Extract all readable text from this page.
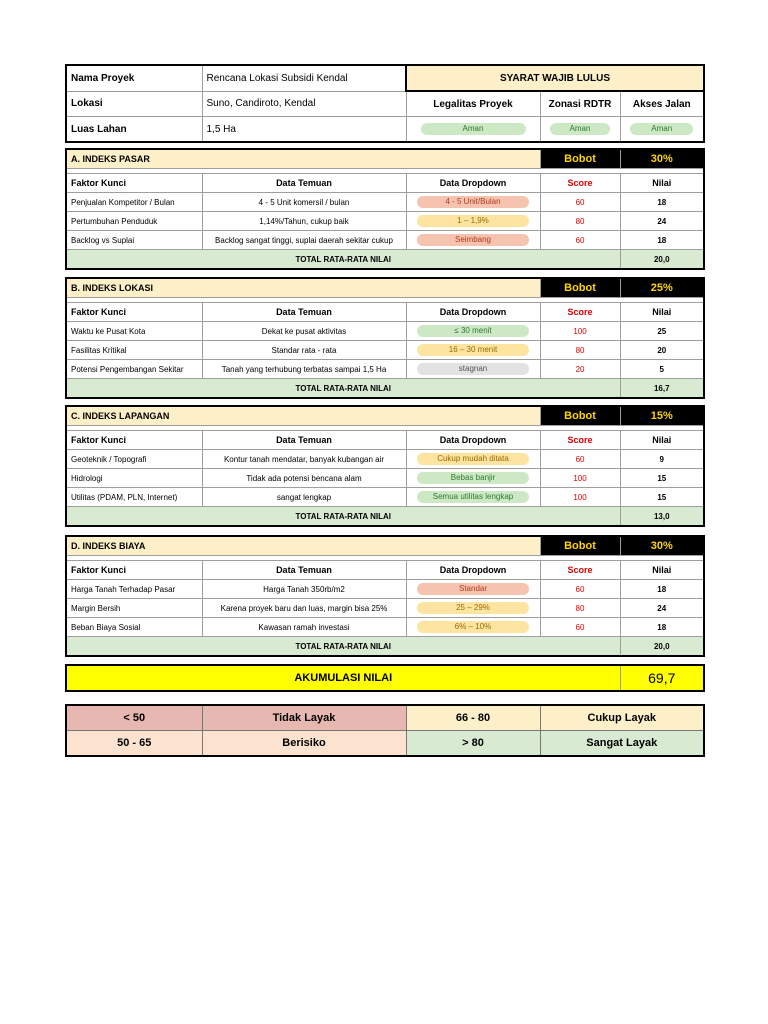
Nama Proyek	Rencana Lokasi Subsidi Kendal	SYARAT WAJIB LULUS		
Lokasi	Suno, Candiroto, Kendal	Legalitas Proyek	Zonasi RDTR	Akses Jalan
Luas Lahan	1,5 Ha	Aman	Aman	Aman
A. INDEKS PASAR			Bobot	30%

Faktor Kunci	Data Temuan	Data Dropdown	Score	Nilai
Penjualan Kompetitor / Bulan	4 - 5 Unit komersil / bulan	4 - 5 Unit/Bulan	60	18
Pertumbuhan Penduduk	1,14%/Tahun, cukup baik	1 – 1,9%	80	24
Backlog vs Suplai	Backlog sangat tinggi, suplai daerah sekitar cukup	Seimbang	60	18
TOTAL RATA-RATA NILAI				20,0
B. INDEKS LOKASI			Bobot	25%

Faktor Kunci	Data Temuan	Data Dropdown	Score	Nilai
Waktu ke Pusat Kota	Dekat ke pusat aktivitas	≤ 30 menit	100	25
Fasilitas Kritikal	Standar rata - rata	16 – 30 menit	80	20
Potensi Pengembangan Sekitar	Tanah yang terhubung terbatas sampai 1,5 Ha	stagnan	20	5
TOTAL RATA-RATA NILAI				16,7
C. INDEKS LAPANGAN			Bobot	15%

Faktor Kunci	Data Temuan	Data Dropdown	Score	Nilai
Geoteknik / Topografi	Kontur tanah mendatar, banyak kubangan air	Cukup mudah ditata	60	9
Hidrologi	Tidak ada potensi bencana alam	Bebas banjir	100	15
Utilitas (PDAM, PLN, Internet)	sangat lengkap	Semua utilitas lengkap	100	15
TOTAL RATA-RATA NILAI				13,0
D. INDEKS BIAYA			Bobot	30%

Faktor Kunci	Data Temuan	Data Dropdown	Score	Nilai
Harga Tanah Terhadap Pasar	Harga Tanah 350rb/m2	Standar	60	18
Margin Bersih	Karena proyek baru dan luas, margin bisa 25%	25 – 29%	80	24
Beban Biaya Sosial	Kawasan ramah investasi	6% – 10%	60	18
TOTAL RATA-RATA NILAI				20,0
AKUMULASI NILAI	69,7
< 50	Tidak Layak	66 - 80	Cukup Layak
50 - 65	Berisiko	> 80	Sangat Layak
